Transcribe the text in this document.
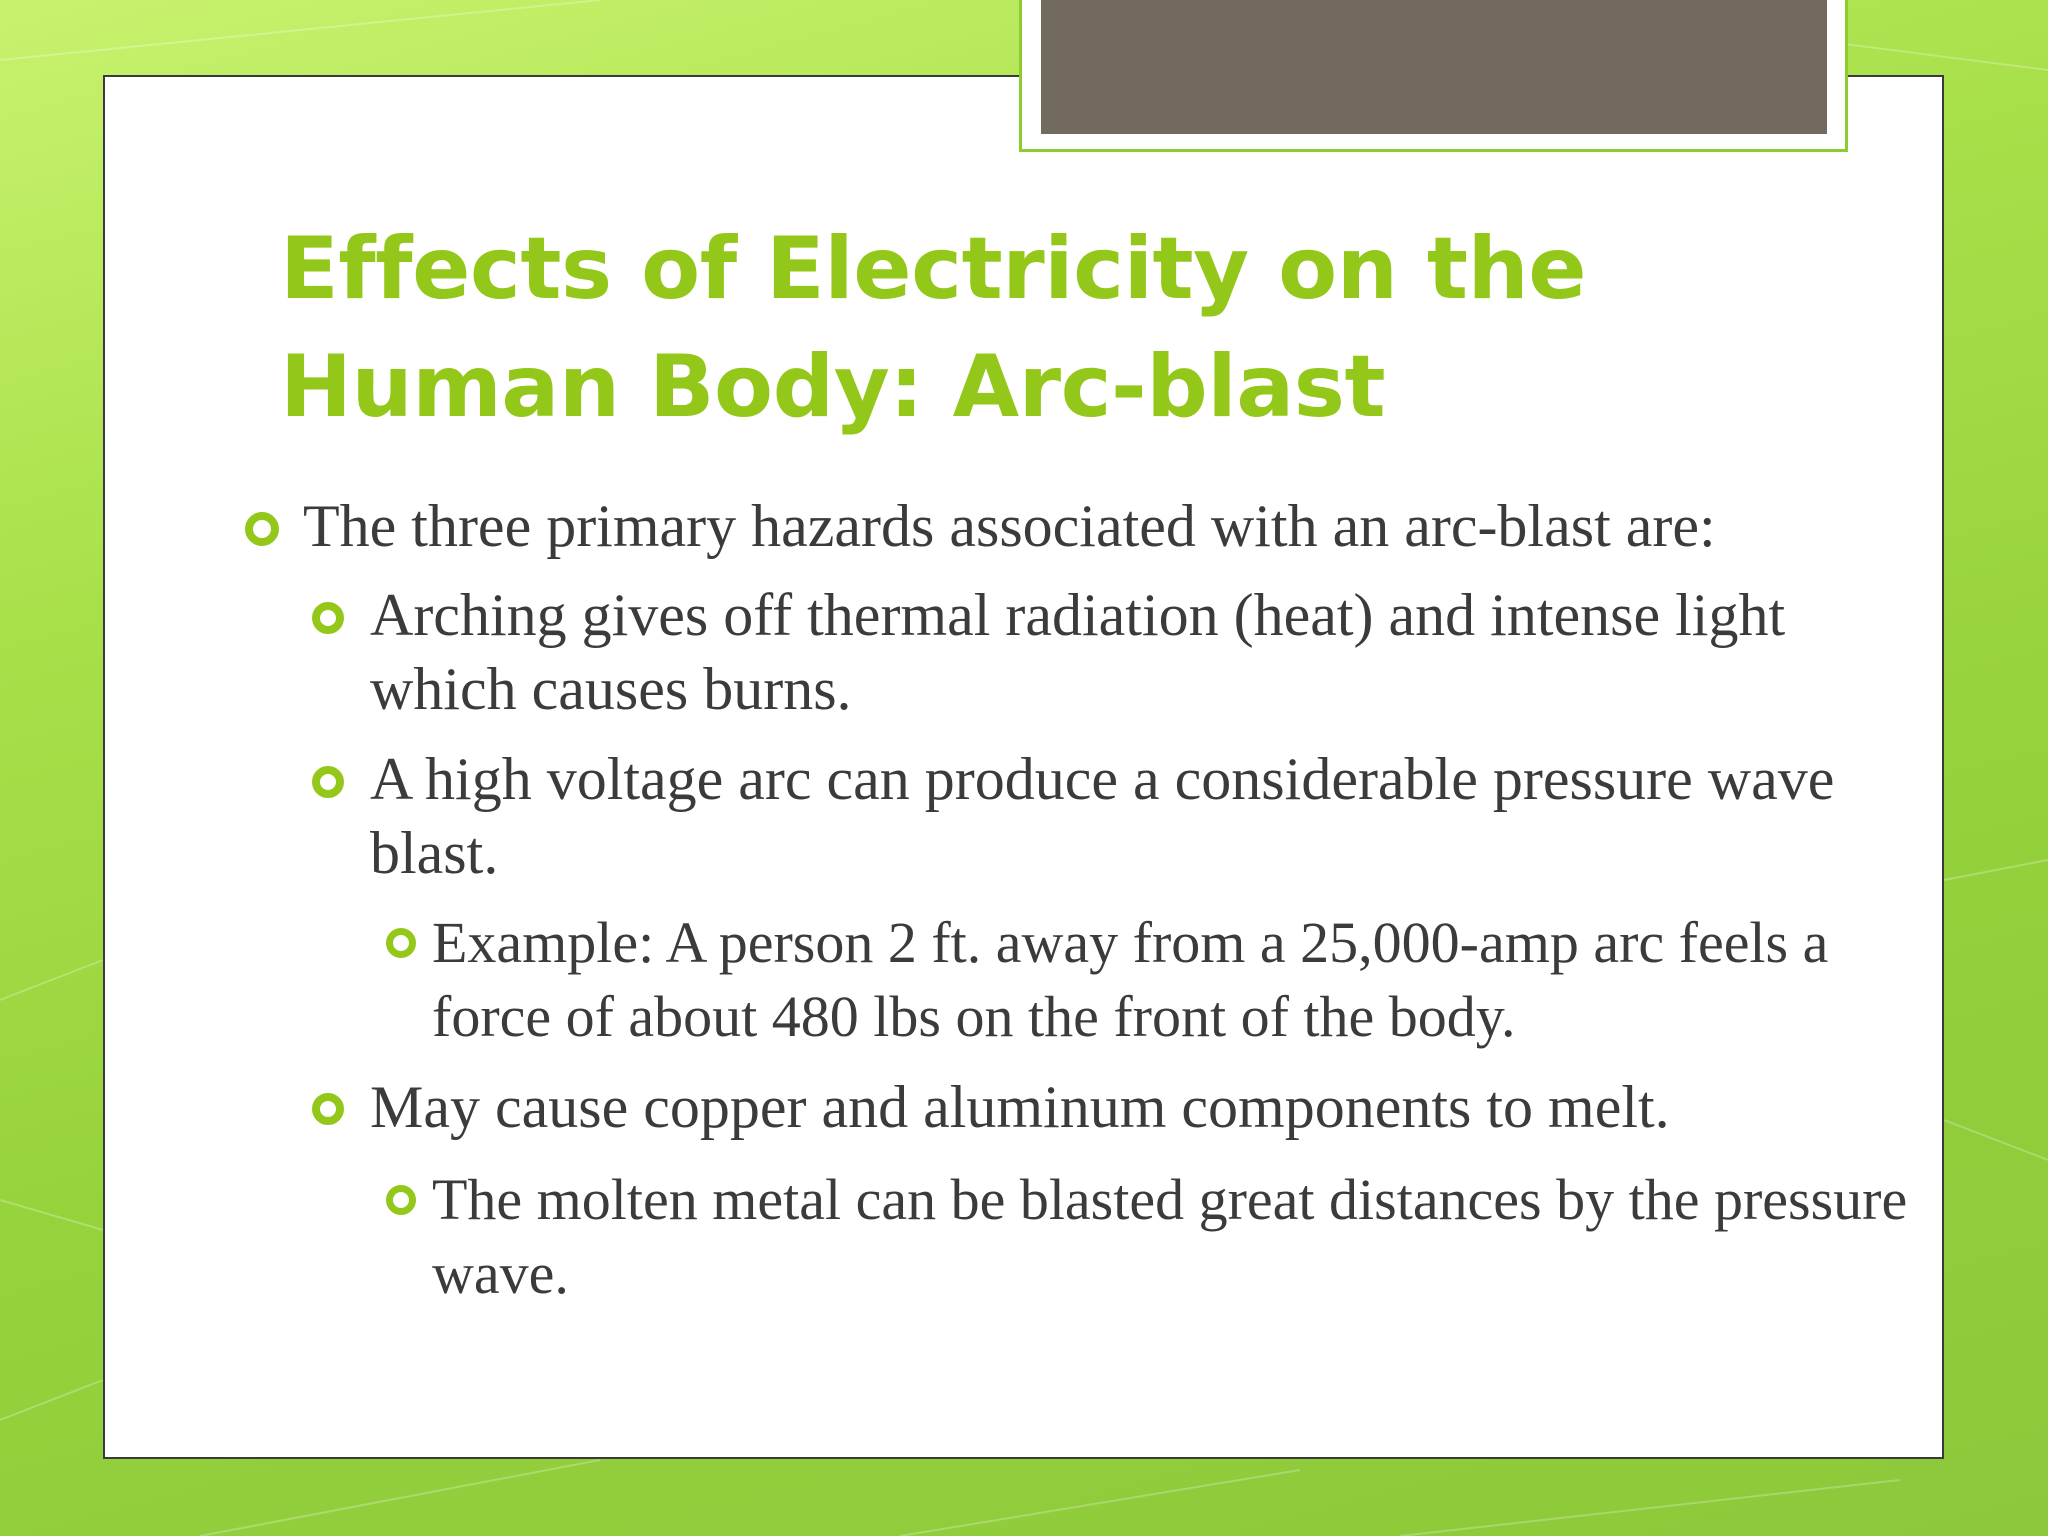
Effects of Electricity on the
Human Body: Arc-blast

The three primary hazards associated with an arc-blast are:

Arching gives off thermal radiation (heat) and intense light which causes burns.

A high voltage arc can produce a considerable pressure wave blast.

Example: A person 2 ft. away from a 25,000-amp arc feels a force of about 480 lbs on the front of the body.

May cause copper and aluminum components to melt.

The molten metal can be blasted great distances by the pressure wave.
